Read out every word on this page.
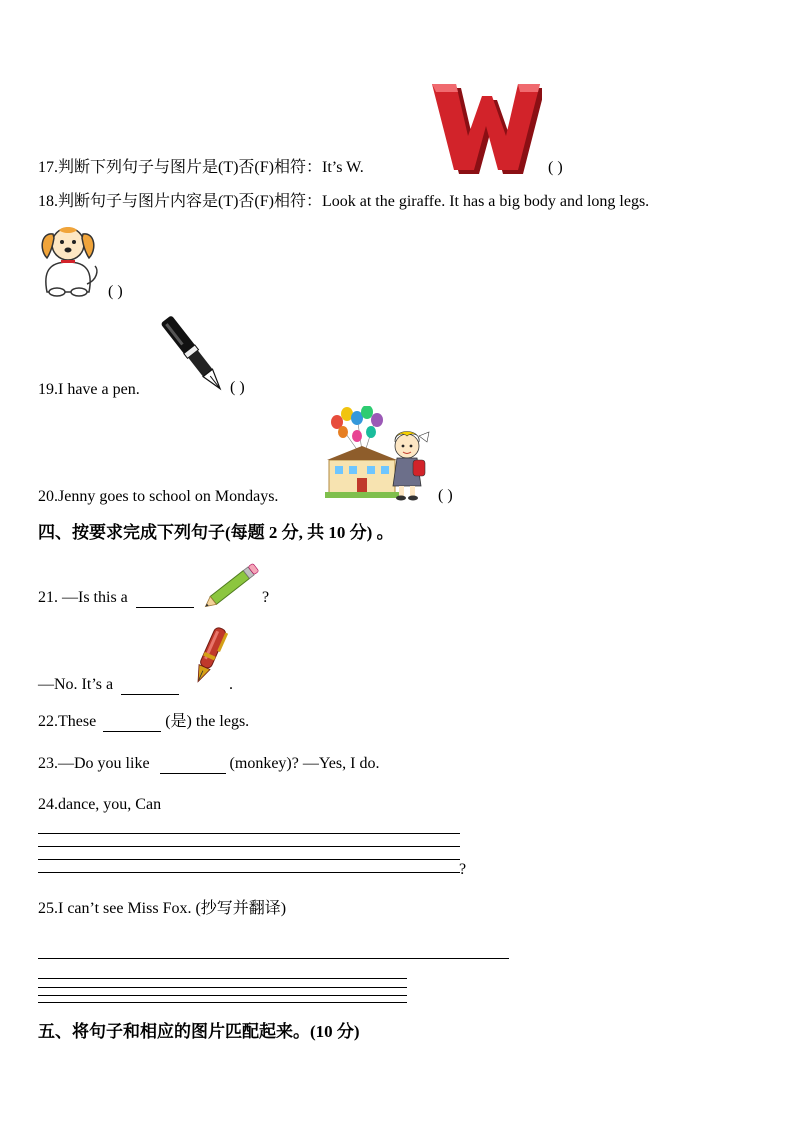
17.判断下列句子与图片是(T)否(F)相符：It’s W.	( )
18.判断句子与图片内容是(T)否(F)相符：Look at the giraffe. It has a big body and long legs.
( )
19.I have a pen.	( )
20.Jenny goes to school on Mondays.	( )
四、按要求完成下列句子(每题 2 分, 共 10 分) 。
21. —Is this a	?
—No. It’s a	.
22.These	(是) the legs.
23.—Do you like	(monkey)? —Yes, I do.
24.dance, you, Can
?
25.I can’t see Miss Fox. (抄写并翻译)
五、将句子和相应的图片匹配起来。(10 分)
